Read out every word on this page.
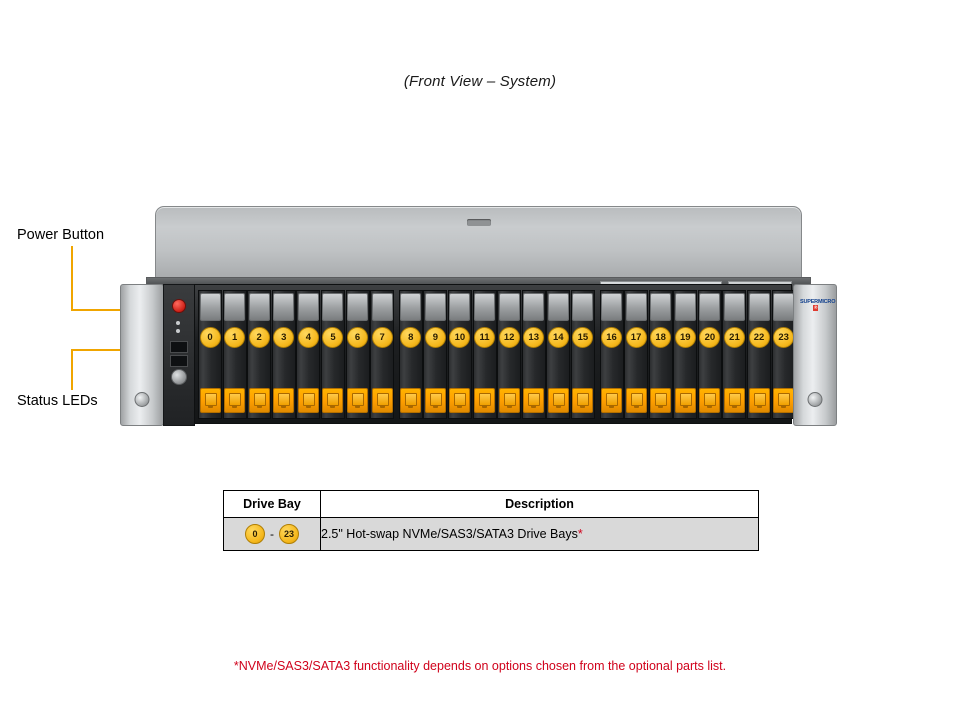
(Front View – System)
Power Button
Status LEDs
0	1	2	3	4	5	6	7	8	9	10	11	12	13	14	15	16	17	18	19	20	21	22	23
SUPERMICRO®
Drive Bay	Description
0 - 23	2.5" Hot-swap NVMe/SAS3/SATA3 Drive Bays*
*NVMe/SAS3/SATA3 functionality depends on options chosen from the optional parts list.
